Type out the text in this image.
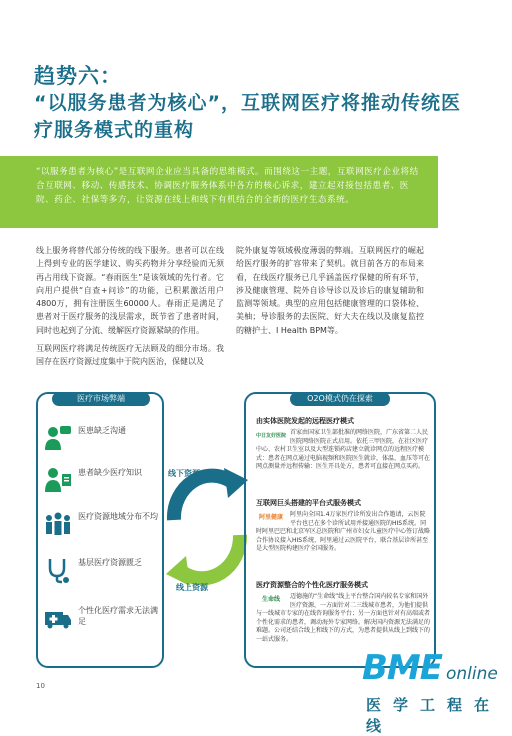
趋势六：
“以服务患者为核心”，互联网医疗将推动传统医疗服务模式的重构
“以服务患者为核心”是互联网企业应当具备的思维模式。而围绕这一主题，互联网医疗企业将结合互联网、移动、传感技术、协调医疗服务体系中各方的核心诉求，建立起对接包括患者、医院、药企、社保等多方，让资源在线上和线下有机结合的全新的医疗生态系统。

线上服务将替代部分传统的线下服务。患者可以在线上得到专业的医学建议、购买药物并分享经验而无须再占用线下资源。“春雨医生”是该领域的先行者。它向用户提供“自查+问诊”的功能，已积累激活用户4800万，拥有注册医生60000人。春雨正是满足了患者对于医疗服务的浅层需求，既节省了患者时间，同时也起到了分流、缓解医疗资源紧缺的作用。

互联网医疗将满足传统医疗无法顾及的细分市场。我国存在医疗资源过度集中于院内医治，保健以及

院外康复等领域极度薄弱的弊端。互联网医疗的崛起给医疗服务的扩容带来了契机。就目前各方的布局来看，在线医疗服务已几乎涵盖医疗保健的所有环节，涉及健康管理、院外自诊导诊以及诊后的康复辅助和监测等领域。典型的应用包括健康管理的口袋体检、美柚；导诊服务的去医院、好大夫在线以及康复监控的糖护士、I Health BPM等。

医疗市场弊端
医患缺乏沟通
患者缺少医疗知识
医疗资源地域分布不均
基层医疗资源匮乏
个性化医疗需求无法满足
线下资源
线上资源
O2O模式仍在探索
由实体医院发起的远程医疗模式
中日友好医院 首家由国家卫生部批准的网络医院，广东省第二人民医院网络医院正式启用。依托三甲医院，在社区医疗中心、农村卫生室以及大型连锁药店建立就诊网点的远程医疗模式：患者在网点通过电脑视频和医院医生就诊，体温、血压等可在网点测量并远程传输：医生开具处方，患者可直接在网点买药。
互联网巨头搭建的平台式服务模式
阿里健康	阿里向全国1.4万家医疗诊所发出合作邀请，云医院平台也已在多个诊所试用并接通医院的HIS系统。同时阿里巴巴和北京军区总医院和广州市妇女儿童医疗中心签订战略合作协议接入HIS系统，阿里通过云医院平台，联合基层诊所甚至是大型医院构建医疗全国服务。
医疗资源整合的个性化医疗服务模式
生命线	迈德施的“生命线”线上平台整合国内较名专家和国外医疗资源，一方面针对二三线城市患者，为他们提供与一线城市专家的在线咨询服务平台；另一方面也针对有高端或者个性化需求的患者，调动海外专家网络。解决国内资源无法满足的难题。公司还结合线上和线下的方式，为患者提供从线上到线下的一站式服务。
10	BME online
医学工程在线
